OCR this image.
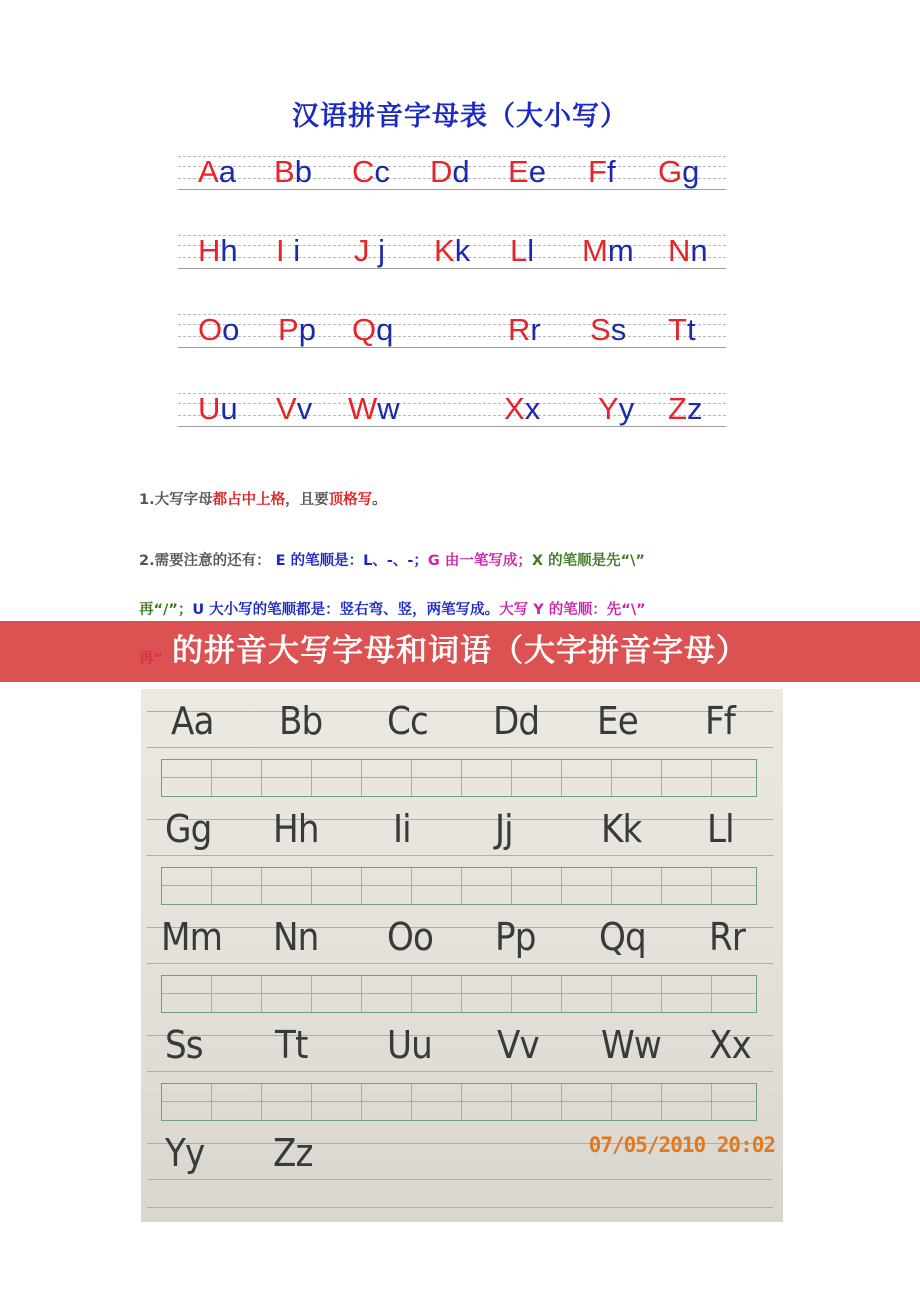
汉语拼音字母表（大小写）
Aa Bb Cc Dd Ee Ff Gg
Hh I i J j Kk Ll Mm Nn
Oo Pp Qq	Rr Ss Tt
Uu Vv Ww	Xx Yy Zz
1.大写字母都占中上格，且要顶格写。
2.需要注意的还有： E 的笔顺是：L、-、-；G 由一笔写成；X 的笔顺是先“\”
再“/”；U 大小写的笔顺都是：竖右弯、竖，两笔写成。大写 Y 的笔顺：先“\”
的拼音大写字母和词语（大字拼音字母）
Aa Bb Cc Dd Ee Ff
Gg Hh Ii Jj Kk Ll
Mm Nn Oo Pp Qq Rr
Ss Tt Uu Vv Ww Xx
Yy Zz	07/05/2010 20:02
